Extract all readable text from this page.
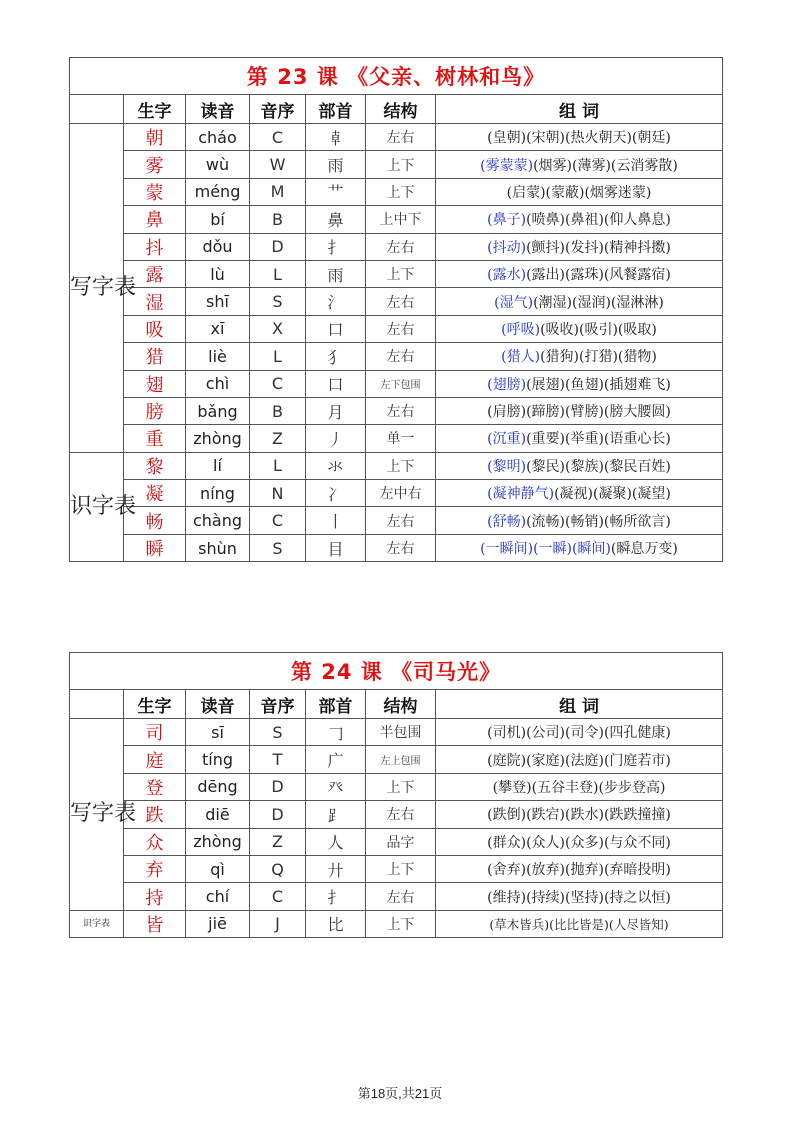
第 23 课 《父亲、树林和鸟》						
	生字	读音	音序	部首	结构	组 词
写字表	朝	cháo	C	𠦝	左右	(皇朝)(宋朝)(热火朝天)(朝廷)
	雾	wù	W	雨	上下	(雾蒙蒙)(烟雾)(薄雾)(云消雾散)
	蒙	méng	M	艹	上下	(启蒙)(蒙蔽)(烟雾迷蒙)
	鼻	bí	B	鼻	上中下	(鼻子)(喷鼻)(鼻祖)(仰人鼻息)
	抖	dǒu	D	扌	左右	(抖动)(颤抖)(发抖)(精神抖擞)
	露	lù	L	雨	上下	(露水)(露出)(露珠)(风餐露宿)
	湿	shī	S	氵	左右	(湿气)(潮湿)(湿润)(湿淋淋)
	吸	xī	X	口	左右	(呼吸)(吸收)(吸引)(吸取)
	猎	liè	L	犭	左右	(猎人)(猎狗)(打猎)(猎物)
	翅	chì	C	口	左下包围	(翅膀)(展翅)(鱼翅)(插翅难飞)
	膀	bǎng	B	月	左右	(肩膀)(蹄膀)(臂膀)(膀大腰圆)
	重	zhòng	Z	丿	单一	(沉重)(重要)(举重)(语重心长)
识字表	黎	lí	L	氺	上下	(黎明)(黎民)(黎族)(黎民百姓)
	凝	níng	N	冫	左中右	(凝神静气)(凝视)(凝聚)(凝望)
	畅	chàng	C	丨	左右	(舒畅)(流畅)(畅销)(畅所欲言)
	瞬	shùn	S	目	左右	(一瞬间)(一瞬)(瞬间)(瞬息万变)
第 24 课 《司马光》						
	生字	读音	音序	部首	结构	组 词
写字表	司	sī	S	𠃌	半包围	(司机)(公司)(司令)(四孔健康)
	庭	tíng	T	广	左上包围	(庭院)(家庭)(法庭)(门庭若市)
	登	dēng	D	癶	上下	(攀登)(五谷丰登)(步步登高)
	跌	diē	D	⻊	左右	(跌倒)(跌宕)(跌水)(跌跌撞撞)
	众	zhòng	Z	人	品字	(群众)(众人)(众多)(与众不同)
	弃	qì	Q	廾	上下	(舍弃)(放弃)(抛弃)(弃暗投明)
	持	chí	C	扌	左右	(维持)(持续)(坚持)(持之以恒)
识字表	皆	jiē	J	比	上下	(草木皆兵)(比比皆是)(人尽皆知)
第18页,共21页
